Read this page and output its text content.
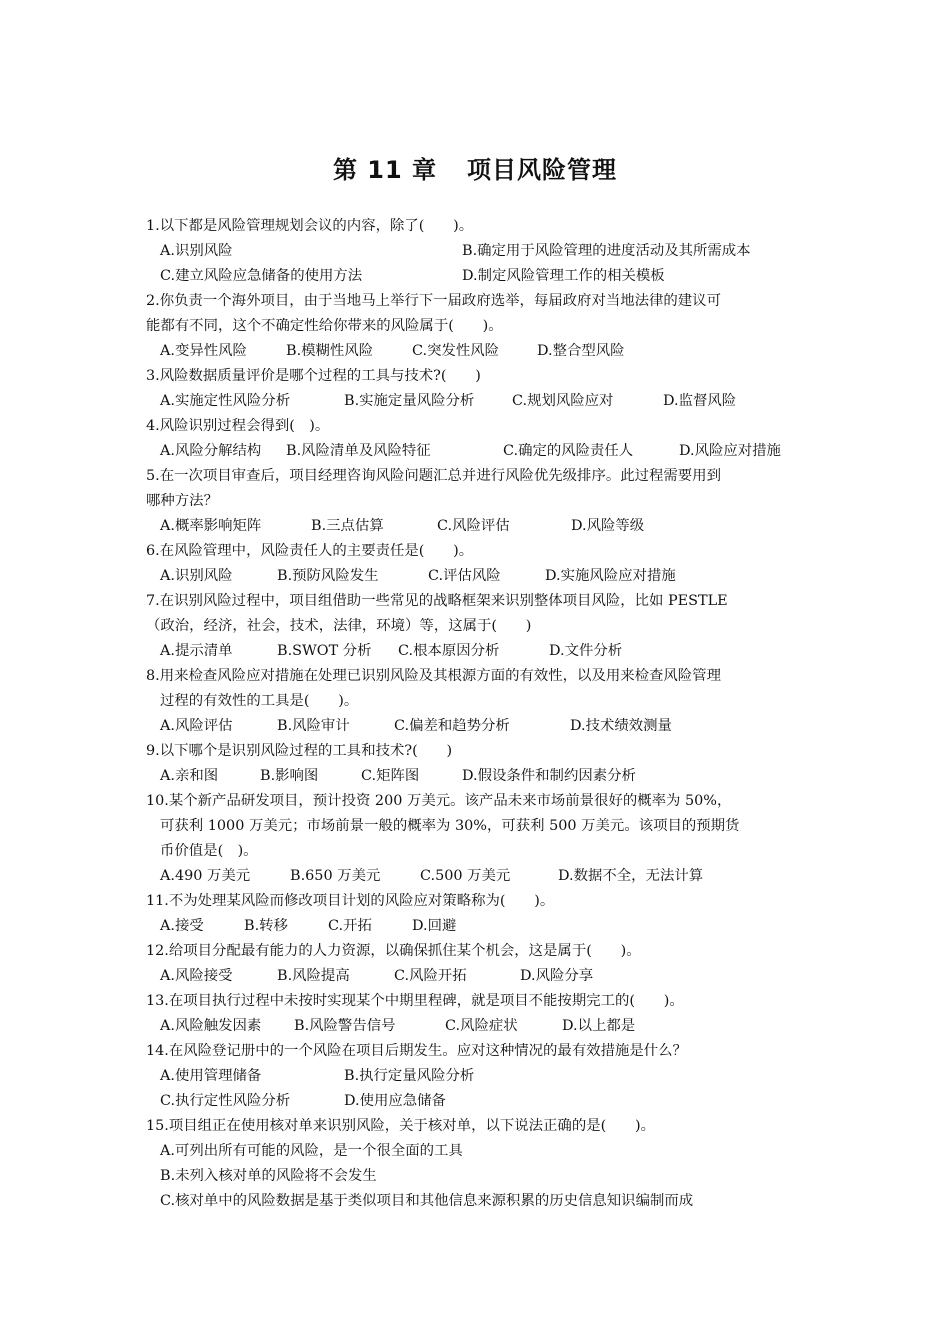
第 11 章 项目风险管理

1.以下都是风险管理规划会议的内容，除了(　　)。

A.识别风险	B.确定用于风险管理的进度活动及其所需成本

C.建立风险应急储备的使用方法	D.制定风险管理工作的相关模板

2.你负责一个海外项目，由于当地马上举行下一届政府选举，每届政府对当地法律的建议可

能都有不同，这个不确定性给你带来的风险属于(　　)。

A.变异性风险	B.模糊性风险	C.突发性风险	D.整合型风险

3.风险数据质量评价是哪个过程的工具与技术?(　　)

A.实施定性风险分析	B.实施定量风险分析	C.规划风险应对	D.监督风险

4.风险识别过程会得到(　)。

A.风险分解结构 B.风险清单及风险特征	C.确定的风险责任人	D.风险应对措施

5.在一次项目审查后，项目经理咨询风险问题汇总并进行风险优先级排序。此过程需要用到

哪种方法？

A.概率影响矩阵	B.三点估算	C.风险评估	D.风险等级

6.在风险管理中，风险责任人的主要责任是(　　)。

A.识别风险	B.预防风险发生	C.评估风险	D.实施风险应对措施

7.在识别风险过程中，项目组借助一些常见的战略框架来识别整体项目风险，比如 PESTLE

（政治，经济，社会，技术，法律，环境）等，这属于(　　)

A.提示清单	B.SWOT 分析 C.根本原因分析	D.文件分析

8.用来检查风险应对措施在处理已识别风险及其根源方面的有效性，以及用来检查风险管理

过程的有效性的工具是(　　)。

A.风险评估	B.风险审计	C.偏差和趋势分析	D.技术绩效测量

9.以下哪个是识别风险过程的工具和技术?(　　)

A.亲和图	B.影响图	C.矩阵图	D.假设条件和制约因素分析

10.某个新产品研发项目，预计投资 200 万美元。该产品未来市场前景很好的概率为 50%，

可获利 1000 万美元；市场前景一般的概率为 30%，可获利 500 万美元。该项目的预期货

币价值是(　)。

A.490 万美元	B.650 万美元	C.500 万美元	D.数据不全，无法计算

11.不为处理某风险而修改项目计划的风险应对策略称为(　　)。

A.接受	B.转移	C.开拓	D.回避

12.给项目分配最有能力的人力资源，以确保抓住某个机会，这是属于(　　)。

A.风险接受	B.风险提高	C.风险开拓	D.风险分享

13.在项目执行过程中未按时实现某个中期里程碑，就是项目不能按期完工的(　　)。

A.风险触发因素 B.风险警告信号	C.风险症状	D.以上都是

14.在风险登记册中的一个风险在项目后期发生。应对这种情况的最有效措施是什么？

A.使用管理储备	B.执行定量风险分析

C.执行定性风险分析	D.使用应急储备

15.项目组正在使用核对单来识别风险，关于核对单，以下说法正确的是(　　)。

A.可列出所有可能的风险，是一个很全面的工具

B.未列入核对单的风险将不会发生

C.核对单中的风险数据是基于类似项目和其他信息来源积累的历史信息知识编制而成
